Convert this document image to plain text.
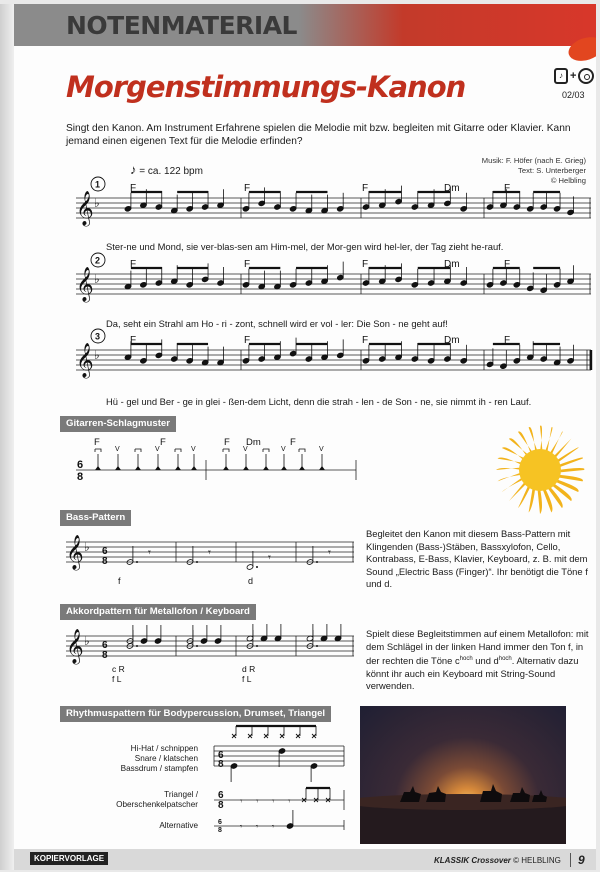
NOTENMATERIAL
Morgenstimmungs-Kanon	♪ +
02/03
Singt den Kanon. Am Instrument Erfahrene spielen die Melodie mit bzw. begleiten mit Gitarre oder Klavier. Kann jemand einen eigenen Text für die Melodie erfinden?
Musik: F. Höfer (nach E. Grieg)
Text: S. Unterberger
© Helbling
♪ = ca. 122 bpm
𝄞 ♭
1	F	F	F	Dm	F
𝄞 ♭
2	F	F	F	Dm	F
𝄞 ♭
3	F	F	F	Dm	F
Ster-ne und Mond, sie ver-blas-sen am Him-mel, der Mor-gen wird hel-ler, der Tag zieht he-rauf.
Da, seht ein Strahl am Ho - ri - zont, schnell wird er vol - ler: Die Son - ne geht auf!
Hü - gel und Ber - ge in glei - ßen-dem Licht, denn die strah - len - de Son - ne, sie nimmt ih - ren Lauf.
Gitarren-Schlagmuster
6
8
F	F	F Dm	F
V	V	V	V	V	V
Bass-Pattern
𝄞 ♭ 6
8
𝄾	𝄾	𝄾	𝄾
f	d
Begleitet den Kanon mit diesem Bass-Pattern mit Klingenden (Bass-)Stäben, Bassxylofon, Cello, Kontrabass, E-Bass, Klavier, Keyboard, z. B. mit dem Sound „Electric Bass (Finger)“. Ihr benötigt die Töne f und d.
Akkordpattern für Metallofon / Keyboard
𝄞 ♭ 6
8
c R
f L
d R
f L
Spielt diese Begleitstimmen auf einem Metallofon: mit dem Schlägel in der linken Hand immer den Ton f, in der rechten die Töne $c^{hoch}$ und $d^{hoch}$. Alternativ dazu könnt ihr auch ein Keyboard mit String-Sound verwenden.
Rhythmuspattern für Bodypercussion, Drumset, Triangel
Hi-Hat / schnippen
Snare / klatschen
Bassdrum / stampfen
Triangel /
Oberschenkelpatscher
Alternative
6
8
6
8 𝄾 𝄾 𝄾 𝄾
6
8 𝄾 𝄾 𝄾
KOPIERVORLAGE	KLASSIK Crossover © HELBLING 9
